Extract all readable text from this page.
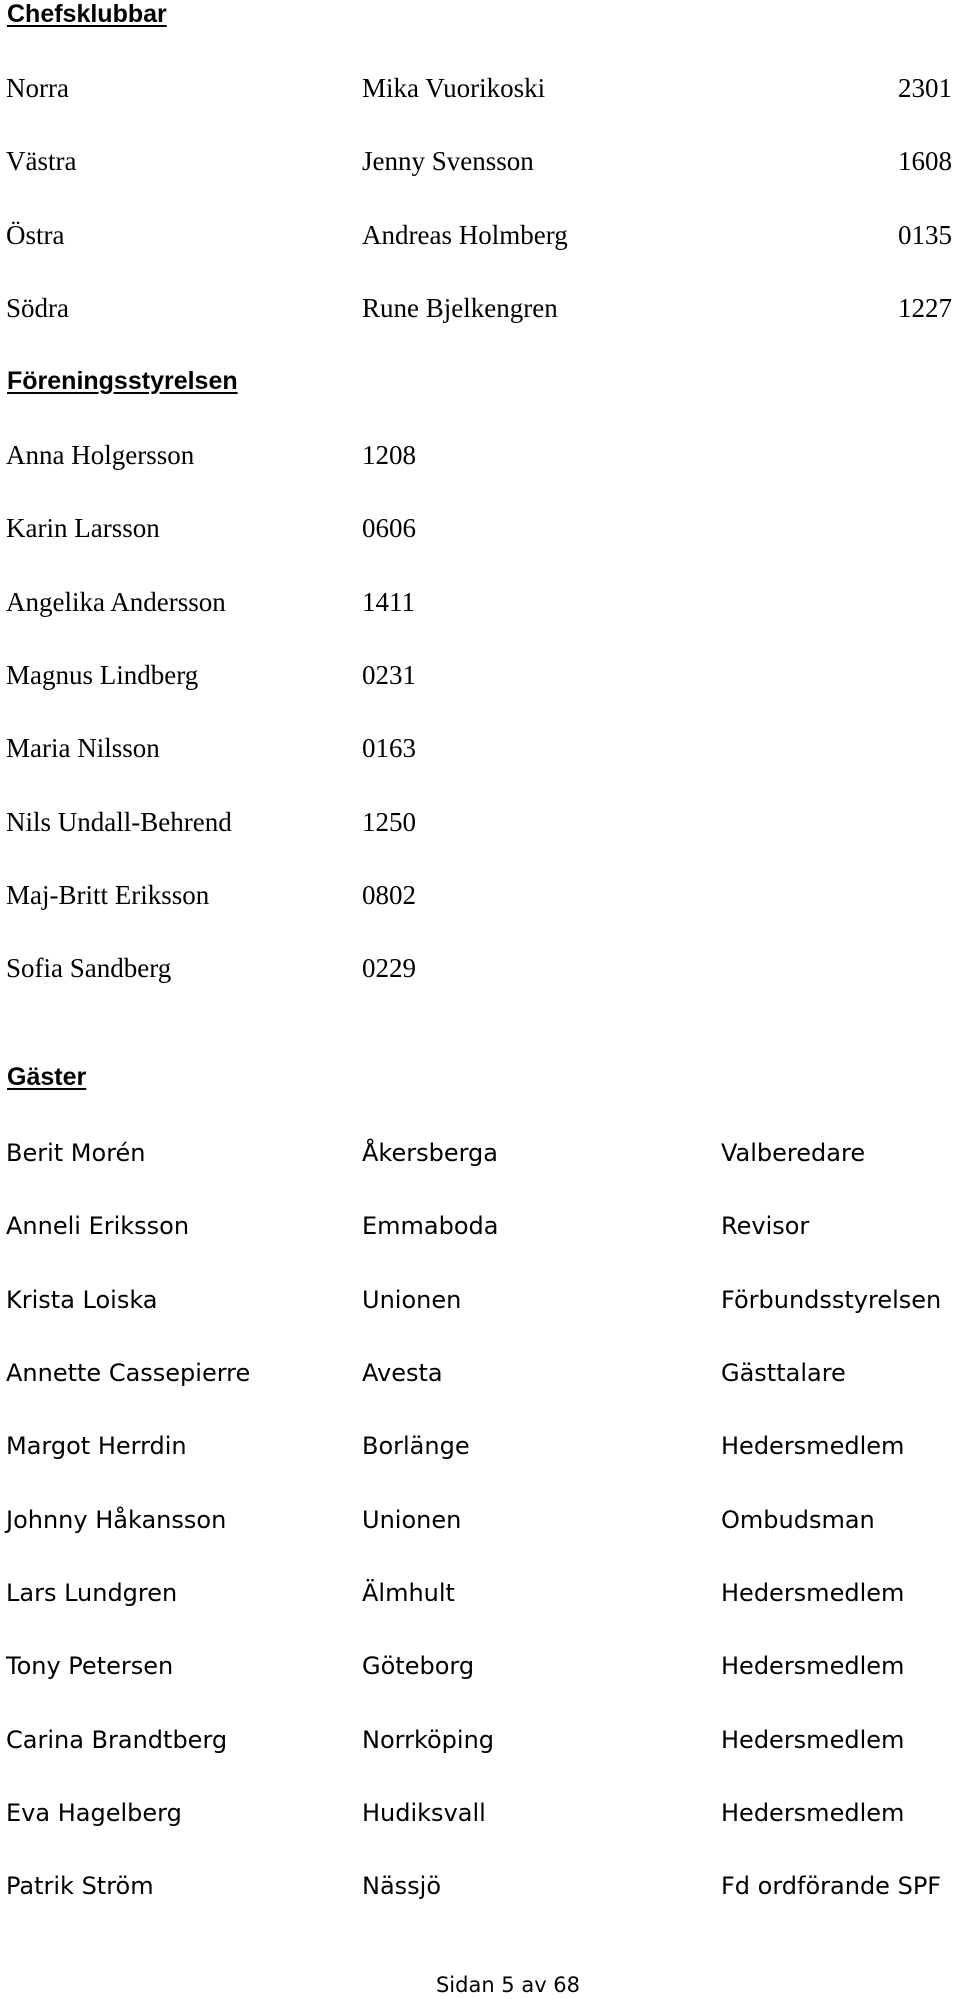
Chefsklubbar
Norra	Mika Vuorikoski	2301
Västra	Jenny Svensson	1608
Östra	Andreas Holmberg	0135
Södra	Rune Bjelkengren	1227
Föreningsstyrelsen
Anna Holgersson	1208
Karin Larsson	0606
Angelika Andersson	1411
Magnus Lindberg	0231
Maria Nilsson	0163
Nils Undall-Behrend	1250
Maj-Britt Eriksson	0802
Sofia Sandberg	0229
Gäster
Berit Morén	Åkersberga	Valberedare
Anneli Eriksson	Emmaboda	Revisor
Krista Loiska	Unionen	Förbundsstyrelsen
Annette Cassepierre	Avesta	Gästtalare
Margot Herrdin	Borlänge	Hedersmedlem
Johnny Håkansson	Unionen	Ombudsman
Lars Lundgren	Älmhult	Hedersmedlem
Tony Petersen	Göteborg	Hedersmedlem
Carina Brandtberg	Norrköping	Hedersmedlem
Eva Hagelberg	Hudiksvall	Hedersmedlem
Patrik Ström	Nässjö	Fd ordförande SPF
Sidan 5 av 68
